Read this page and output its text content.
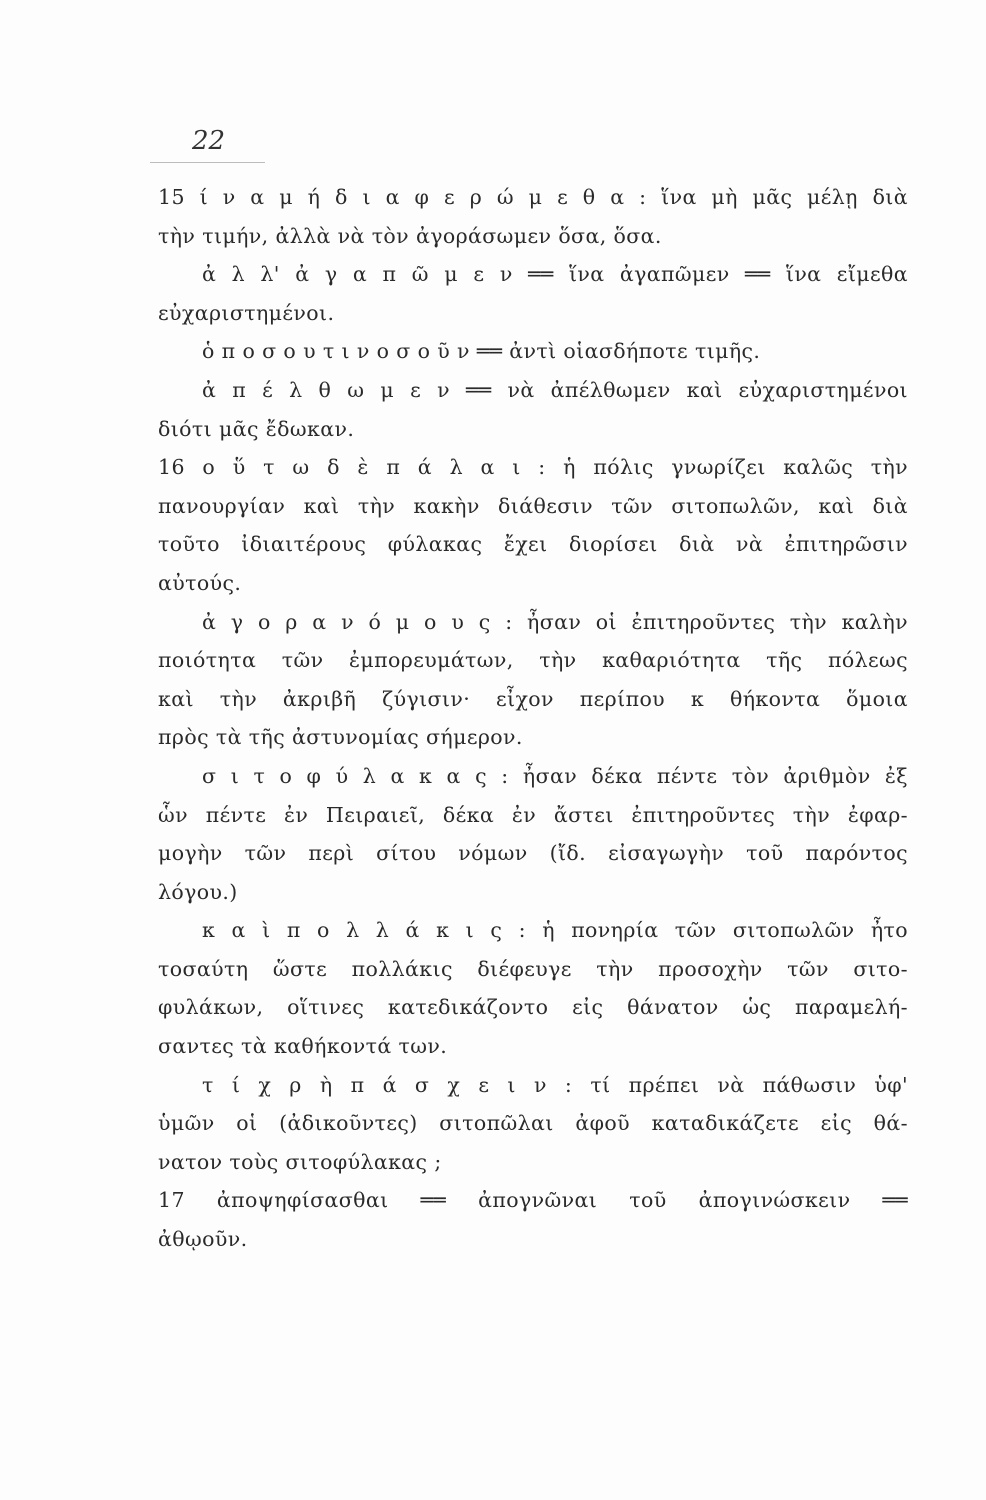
22
15 ί ν α μ ή δ ι α φ ε ρ ώ μ ε θ α : ἵνα μὴ μᾶς μέλῃ διὰ
τὴν τιμήν, ἀλλὰ νὰ τὸν ἀγοράσωμεν ὅσα, ὅσα.
ἀ λ λ' ἀ γ α π ῶ μ ε ν ══ ἵνα ἀγαπῶμεν ══ ἵνα εἴμεθα
εὐχαριστημένοι.
ὁ π ο σ ο υ τ ι ν ο σ ο ῦ ν ══ ἀντὶ οἱασδήποτε τιμῆς.
ἀ π έ λ θ ω μ ε ν ══ νὰ ἀπέλθωμεν καὶ εὐχαριστημένοι
διότι μᾶς ἔδωκαν.
16 ο ὕ τ ω δ ὲ π ά λ α ι : ἡ πόλις γνωρίζει καλῶς τὴν
πανουργίαν καὶ τὴν κακὴν διάθεσιν τῶν σιτοπωλῶν, καὶ διὰ
τοῦτο ἰδιαιτέρους φύλακας ἔχει διορίσει διὰ νὰ ἐπιτηρῶσιν
αὐτούς.
ἀ γ ο ρ α ν ό μ ο υ ς : ἦσαν οἱ ἐπιτηροῦντες τὴν καλὴν
ποιότητα τῶν ἐμπορευμάτων, τὴν καθαριότητα τῆς πόλεως
καὶ τὴν ἀκριβῆ ζύγισιν· εἶχον περίπου κ θήκοντα ὅμοια
πρὸς τὰ τῆς ἀστυνομίας σήμερον.
σ ι τ ο φ ύ λ α κ α ς : ἦσαν δέκα πέντε τὸν ἀριθμὸν ἐξ
ὧν πέντε ἐν Πειραιεῖ, δέκα ἐν ἄστει ἐπιτηροῦντες τὴν ἐφαρ-
μογὴν τῶν περὶ σίτου νόμων (ἴδ. εἰσαγωγὴν τοῦ παρόντος
λόγου.)
κ α ὶ π ο λ λ ά κ ι ς : ἡ πονηρία τῶν σιτοπωλῶν ἦτο
τοσαύτη ὥστε πολλάκις διέφευγε τὴν προσοχὴν τῶν σιτο-
φυλάκων, οἵτινες κατεδικάζοντο εἰς θάνατον ὡς παραμελή-
σαντες τὰ καθήκοντά των.
τ ί χ ρ ὴ π ά σ χ ε ι ν : τί πρέπει νὰ πάθωσιν ὑφ'
ὑμῶν οἱ (ἀδικοῦντες) σιτοπῶλαι ἀφοῦ καταδικάζετε εἰς θά-
νατον τοὺς σιτοφύλακας ;
17 ἀποψηφίσασθαι ══ ἀπογνῶναι τοῦ ἀπογινώσκειν ══
ἀθῳοῦν.
